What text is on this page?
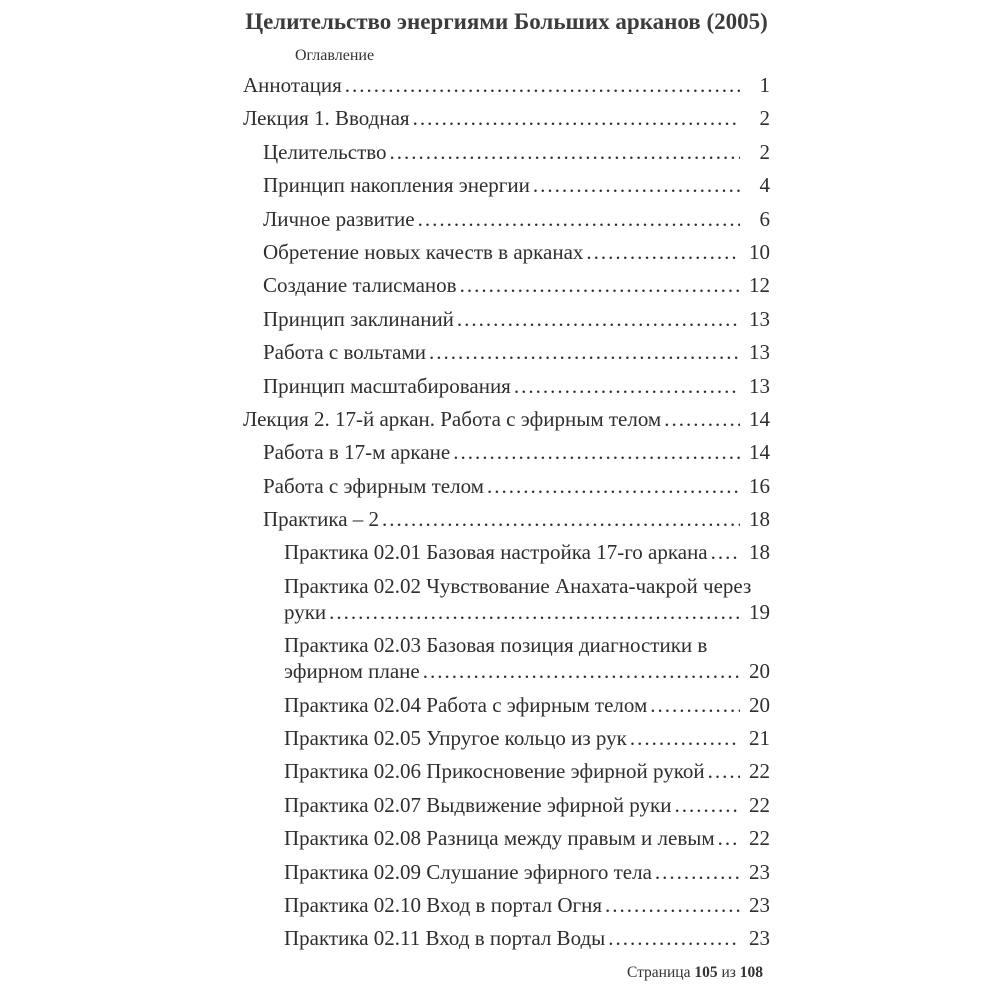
Целительство энергиями Больших арканов (2005)
Оглавление
Аннотация .....	1
Лекция 1. Вводная .....	2
Целительство .....	2
Принцип накопления энергии .....	4
Личное развитие .....	6
Обретение новых качеств в арканах .....	10
Создание талисманов .....	12
Принцип заклинаний .....	13
Работа с вольтами .....	13
Принцип масштабирования .....	13
Лекция 2. 17-й аркан. Работа с эфирным телом .....	14
Работа в 17-м аркане .....	14
Работа с эфирным телом .....	16
Практика – 2 .....	18
Практика 02.01 Базовая настройка 17-го аркана ..... 18
Практика 02.02 Чувствование Анахата-чакрой через
руки .....	19
Практика 02.03 Базовая позиция диагностики в
эфирном плане .....	20
Практика 02.04 Работа с эфирным телом .....	20
Практика 02.05 Упругое кольцо из рук .....	21
Практика 02.06 Прикосновение эфирной рукой ..... 22
Практика 02.07 Выдвижение эфирной руки .....	22
Практика 02.08 Разница между правым и левым ..... 22
Практика 02.09 Слушание эфирного тела .....	23
Практика 02.10 Вход в портал Огня .....	23
Практика 02.11 Вход в портал Воды .....	23
Страница 105 из 108
